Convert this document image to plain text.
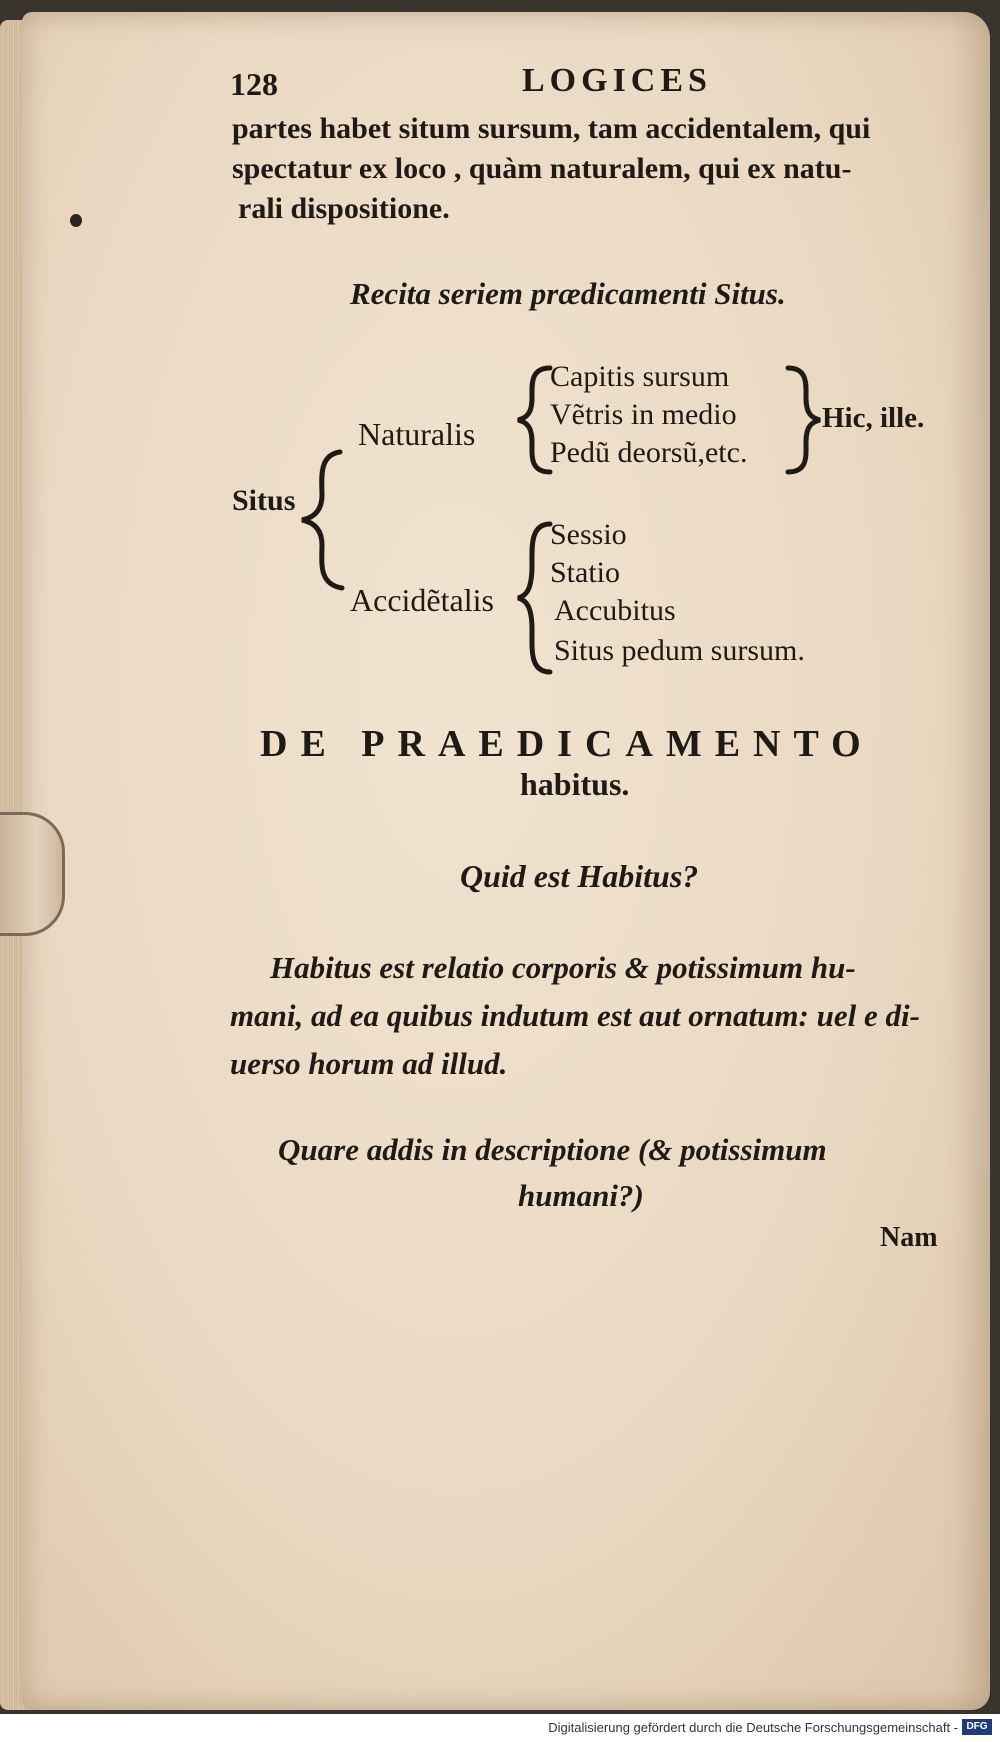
128	LOGICES
partes habet situm sursum, tam accidentalem, qui
spectatur ex loco , quàm naturalem, qui ex natu-
rali dispositione.
Recita seriem prædicamenti Situs.
Situs
Naturalis
Capitis sursum
Vẽtris in medio
Pedũ deorsũ,etc.
Hic, ille.
Accidẽtalis
Sessio
Statio
Accubitus
Situs pedum sursum.
DE PRAEDICAMENTO
habitus.
Quid est Habitus?
Habitus est relatio corporis & potissimum hu-
mani, ad ea quibus indutum est aut ornatum: uel e di-
uerso horum ad illud.
Quare addis in descriptione (& potissimum
humani?)
Nam
Digitalisierung gefördert durch die Deutsche Forschungsgemeinschaft - DFG
